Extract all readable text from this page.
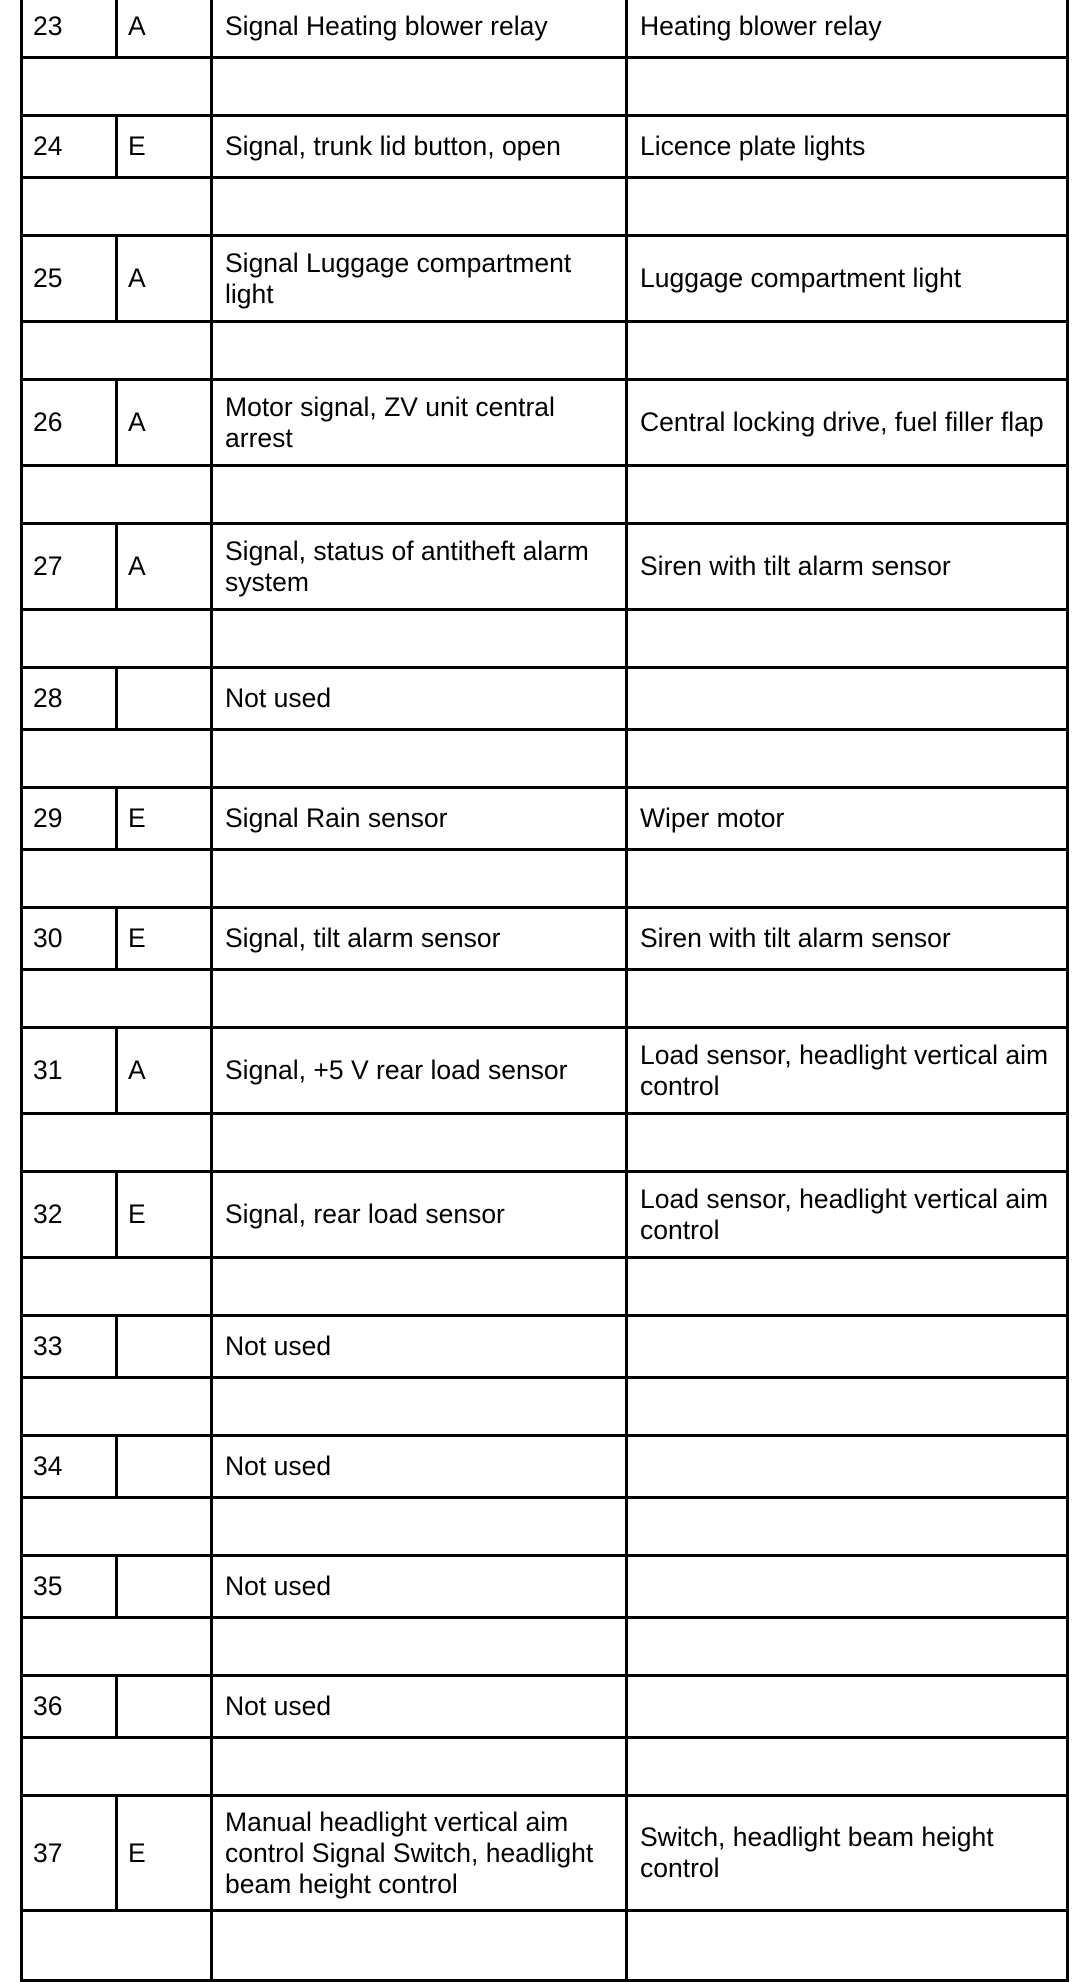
23	A	Signal Heating blower relay	Heating blower relay

24	E	Signal, trunk lid button, open	Licence plate lights

25	A	Signal Luggage compartment light	Luggage compartment light

26	A	Motor signal, ZV unit central arrest	Central locking drive, fuel filler flap

27	A	Signal, status of antitheft alarm system	Siren with tilt alarm sensor

28		Not used	

29	E	Signal Rain sensor	Wiper motor

30	E	Signal, tilt alarm sensor	Siren with tilt alarm sensor

31	A	Signal, +5 V rear load sensor	Load sensor, headlight vertical aim control

32	E	Signal, rear load sensor	Load sensor, headlight vertical aim control

33		Not used	

34		Not used	

35		Not used	

36		Not used	

37	E	Manual headlight vertical aim control Signal Switch, headlight beam height control	Switch, headlight beam height control
